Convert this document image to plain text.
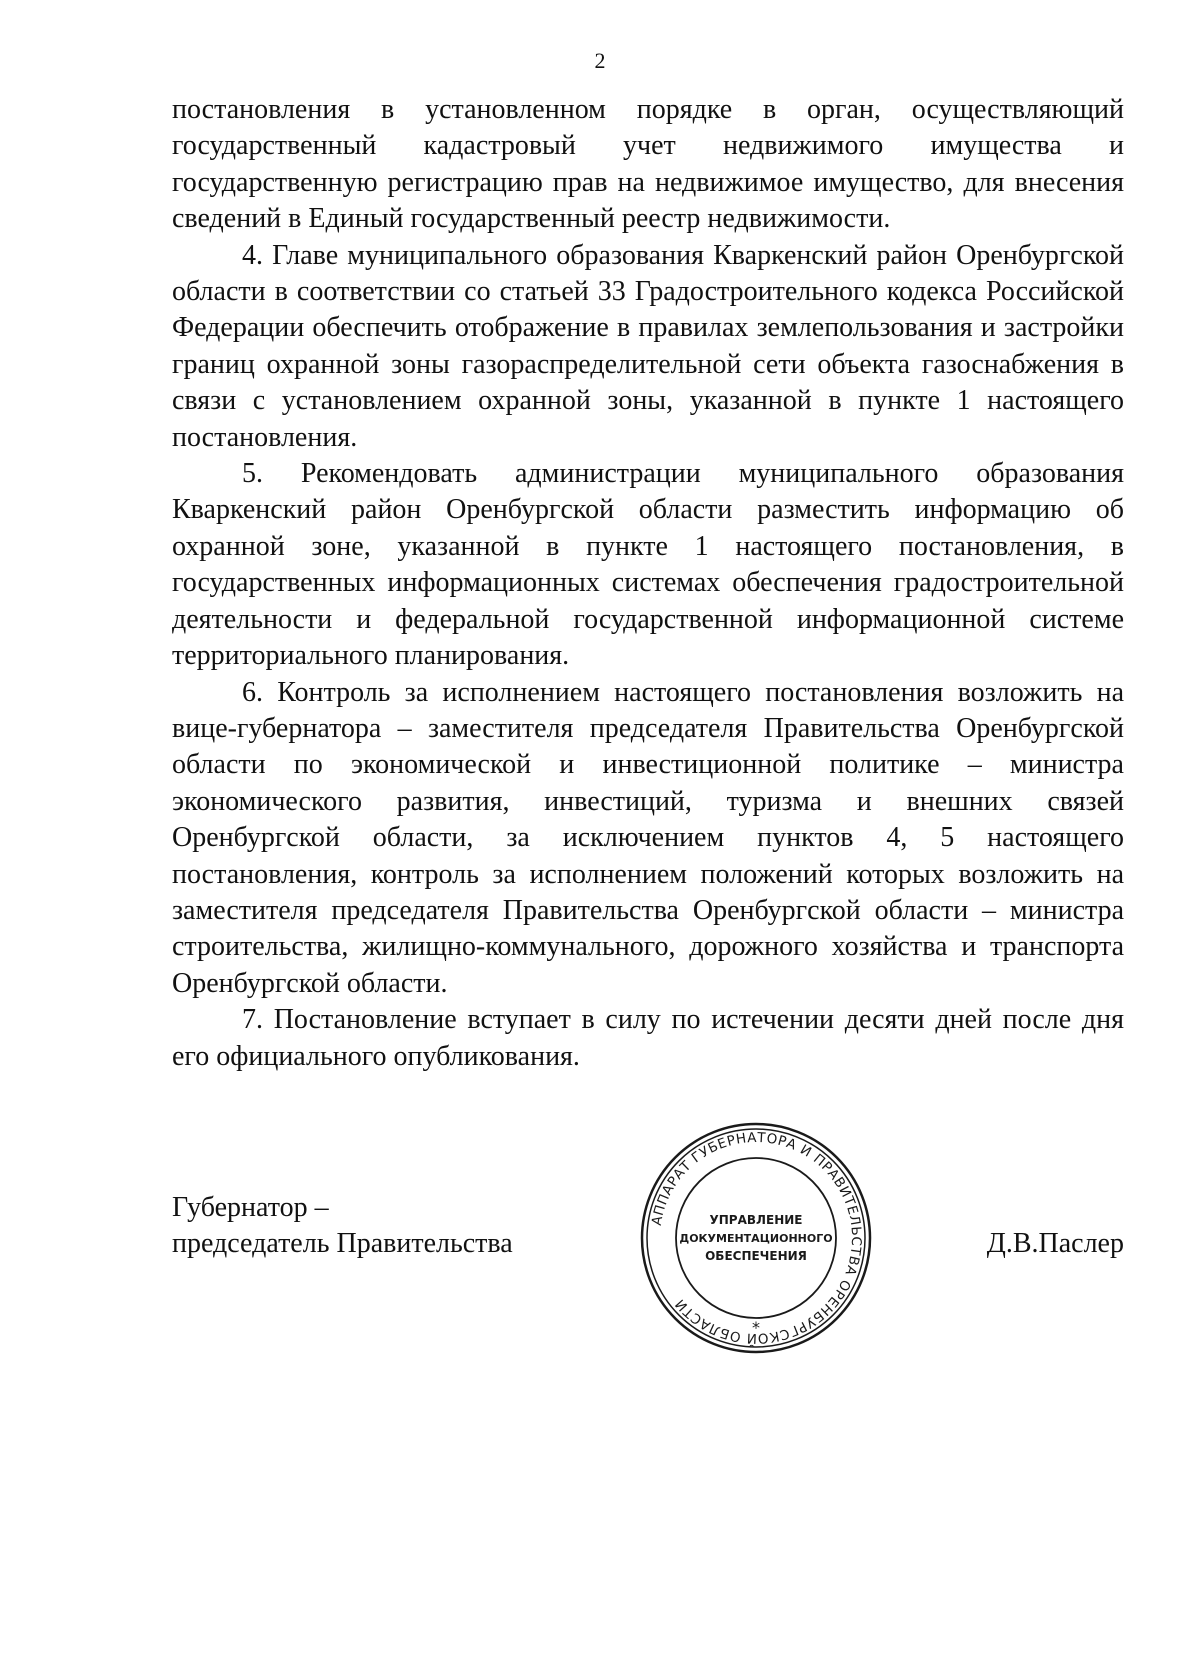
2

постановления в установленном порядке в орган, осуществляющий государственный кадастровый учет недвижимого имущества и государственную регистрацию прав на недвижимое имущество, для внесения сведений в Единый государственный реестр недвижимости.

4. Главе муниципального образования Кваркенский район Оренбургской области в соответствии со статьей 33 Градостроительного кодекса Российской Федерации обеспечить отображение в правилах землепользования и застройки границ охранной зоны газораспределительной сети объекта газоснабжения в связи с установлением охранной зоны, указанной в пункте 1 настоящего постановления.

5. Рекомендовать администрации муниципального образования Кваркенский район Оренбургской области разместить информацию об охранной зоне, указанной в пункте 1 настоящего постановления, в государственных информационных системах обеспечения градостроительной деятельности и федеральной государственной информационной системе территориального планирования.

6. Контроль за исполнением настоящего постановления возложить на вице-губернатора – заместителя председателя Правительства Оренбургской области по экономической и инвестиционной политике – министра экономического развития, инвестиций, туризма и внешних связей Оренбургской области, за исключением пунктов 4, 5 настоящего постановления, контроль за исполнением положений которых возложить на заместителя председателя Правительства Оренбургской области – министра строительства, жилищно-коммунального, дорожного хозяйства и транспорта Оренбургской области.

7. Постановление вступает в силу по истечении десяти дней после дня его официального опубликования.

Губернатор –
председатель Правительства	Д.В.Паслер
АППАРАТ ГУБЕРНАТОРА И ПРАВИТЕЛЬСТВА ОРЕНБУРГСКОЙ ОБЛАСТИ
*
УПРАВЛЕНИЕ
ДОКУМЕНТАЦИОННОГО
ОБЕСПЕЧЕНИЯ
